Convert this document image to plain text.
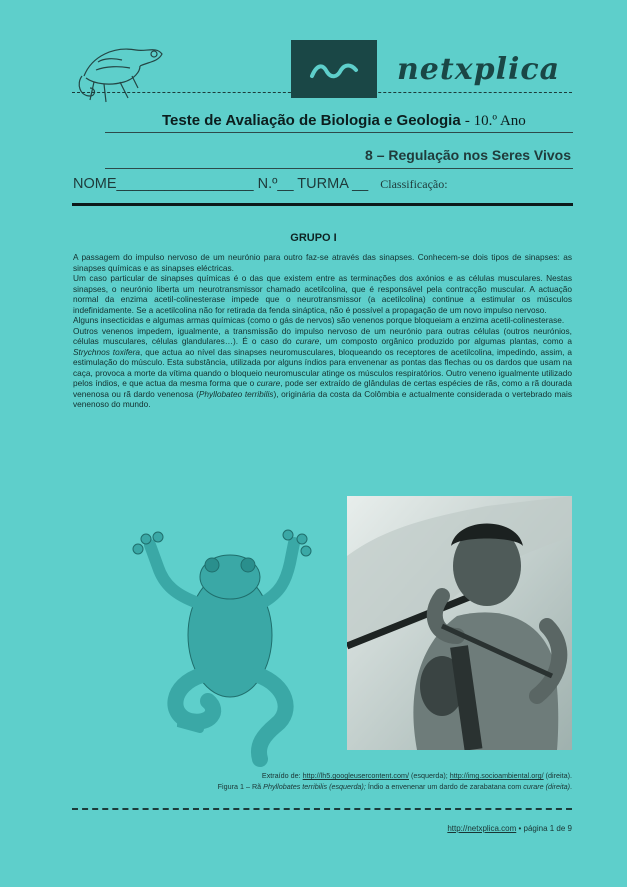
netxplica
Teste de Avaliação de Biologia e Geologia - 10.º Ano
8 – Regulação nos Seres Vivos
NOME_________________ N.º__ TURMA __ Classificação:
GRUPO I

A passagem do impulso nervoso de um neurónio para outro faz-se através das sinapses. Conhecem-se dois tipos de sinapses: as sinapses químicas e as sinapses eléctricas.

Um caso particular de sinapses químicas é o das que existem entre as terminações dos axónios e as células musculares. Nestas sinapses, o neurónio liberta um neurotransmissor chamado acetilcolina, que é responsável pela contracção muscular. A actuação normal da enzima acetil-colinesterase impede que o neurotransmissor (a acetilcolina) continue a estimular os músculos indefinidamente. Se a acetilcolina não for retirada da fenda sináptica, não é possível a propagação de um novo impulso nervoso.

Alguns insecticidas e algumas armas químicas (como o gás de nervos) são venenos porque bloqueiam a enzima acetil-colinesterase.

Outros venenos impedem, igualmente, a transmissão do impulso nervoso de um neurónio para outras células (outros neurónios, células musculares, células glandulares…). É o caso do curare, um composto orgânico produzido por algumas plantas, como a Strychnos toxifera, que actua ao nível das sinapses neuromusculares, bloqueando os receptores de acetilcolina, impedindo, assim, a estimulação do músculo. Esta substância, utilizada por alguns índios para envenenar as pontas das flechas ou os dardos que usam na caça, provoca a morte da vítima quando o bloqueio neuromuscular atinge os músculos respiratórios. Outro veneno igualmente utilizado pelos índios, e que actua da mesma forma que o curare, pode ser extraído de glândulas de certas espécies de rãs, como a rã dourada venenosa ou rã dardo venenosa (Phyllobateo terribilis), originária da costa da Colômbia e actualmente considerada o vertebrado mais venenoso do mundo.

Extraído de: http://lh5.googleusercontent.com/ (esquerda); http://img.socioambiental.org/ (direita).
Figura 1 – Rã Phyllobates terribilis (esquerda); Índio a envenenar um dardo de zarabatana com curare (direita).
http://netxplica.com • página 1 de 9
